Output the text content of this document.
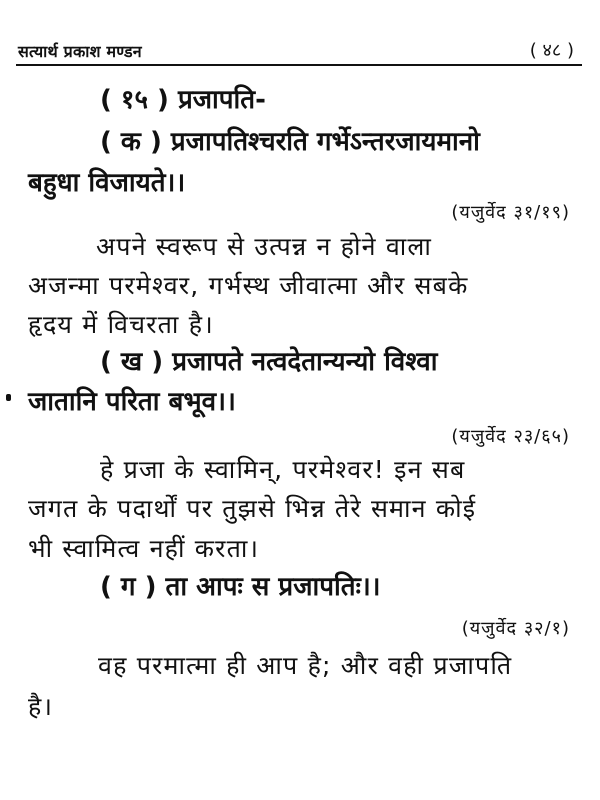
सत्यार्थ प्रकाश मण्डन	( ४८ )
( १५ ) प्रजापति-
( क ) प्रजापतिश्चरति गर्भेऽन्तरजायमानो
बहुधा विजायते।।
(यजुर्वेद ३१/१९)
अपने स्वरूप से उत्पन्न न होने वाला
अजन्मा परमेश्वर, गर्भस्थ जीवात्मा और सबके
हृदय में विचरता है।
( ख ) प्रजापते नत्वदेतान्यन्यो विश्वा
जातानि परिता बभूव।।
(यजुर्वेद २३/६५)
हे प्रजा के स्वामिन्, परमेश्वर! इन सब
जगत के पदार्थों पर तुझसे भिन्न तेरे समान कोई
भी स्वामित्व नहीं करता।
( ग ) ता आपः स प्रजापतिः।।
(यजुर्वेद ३२/१)
वह परमात्मा ही आप है; और वही प्रजापति
है।
